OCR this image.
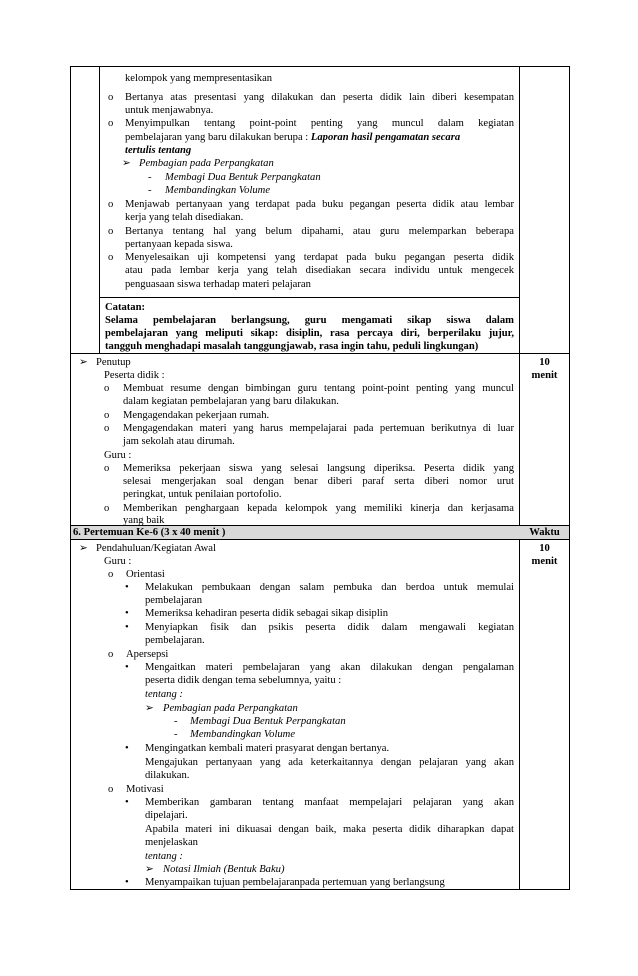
kelompok yang mempresentasikan
o Bertanya atas presentasi yang dilakukan dan peserta didik lain diberi kesempatan
untuk menjawabnya.
o Menyimpulkan tentang point-point penting yang muncul dalam kegiatan
pembelajaran yang baru dilakukan berupa : Laporan hasil pengamatan secara
tertulis tentang
➢ Pembagian pada Perpangkatan
- Membagi Dua Bentuk Perpangkatan
- Membandingkan Volume
o Menjawab pertanyaan yang terdapat pada buku pegangan peserta didik atau lembar
kerja yang telah disediakan.
o Bertanya tentang hal yang belum dipahami, atau guru melemparkan beberapa
pertanyaan kepada siswa.
o Menyelesaikan uji kompetensi yang terdapat pada buku pegangan peserta didik
atau pada lembar kerja yang telah disediakan secara individu untuk mengecek
penguasaan siswa terhadap materi pelajaran
Catatan:
Selama pembelajaran berlangsung, guru mengamati sikap siswa dalam
pembelajaran yang meliputi sikap: disiplin, rasa percaya diri, berperilaku jujur,
tangguh menghadapi masalah tanggungjawab, rasa ingin tahu, peduli lingkungan)
➢ Penutup	10
menit
Peserta didik :
o Membuat resume dengan bimbingan guru tentang point-point penting yang muncul
dalam kegiatan pembelajaran yang baru dilakukan.
o Mengagendakan pekerjaan rumah.
o Mengagendakan materi yang harus mempelajarai pada pertemuan berikutnya di luar
jam sekolah atau dirumah.
Guru :
o Memeriksa pekerjaan siswa yang selesai langsung diperiksa. Peserta didik yang
selesai mengerjakan soal dengan benar diberi paraf serta diberi nomor urut
peringkat, untuk penilaian portofolio.
o Memberikan penghargaan kepada kelompok yang memiliki kinerja dan kerjasama
yang baik
6. Pertemuan Ke-6 (3 x 40 menit )	Waktu
➢ Pendahuluan/Kegiatan Awal	10
menit
Guru :
o Orientasi
• Melakukan pembukaan dengan salam pembuka dan berdoa untuk memulai
pembelajaran
• Memeriksa kehadiran peserta didik sebagai sikap disiplin
• Menyiapkan fisik dan psikis peserta didik dalam mengawali kegiatan
pembelajaran.
o Apersepsi
• Mengaitkan materi pembelajaran yang akan dilakukan dengan pengalaman
peserta didik dengan tema sebelumnya, yaitu :
tentang :
➢ Pembagian pada Perpangkatan
- Membagi Dua Bentuk Perpangkatan
- Membandingkan Volume
• Mengingatkan kembali materi prasyarat dengan bertanya.
Mengajukan pertanyaan yang ada keterkaitannya dengan pelajaran yang akan
dilakukan.
o Motivasi
• Memberikan gambaran tentang manfaat mempelajari pelajaran yang akan
dipelajari.
Apabila materi ini dikuasai dengan baik, maka peserta didik diharapkan dapat
menjelaskan
tentang :
➢ Notasi Ilmiah (Bentuk Baku)
• Menyampaikan tujuan pembelajaranpada pertemuan yang berlangsung
